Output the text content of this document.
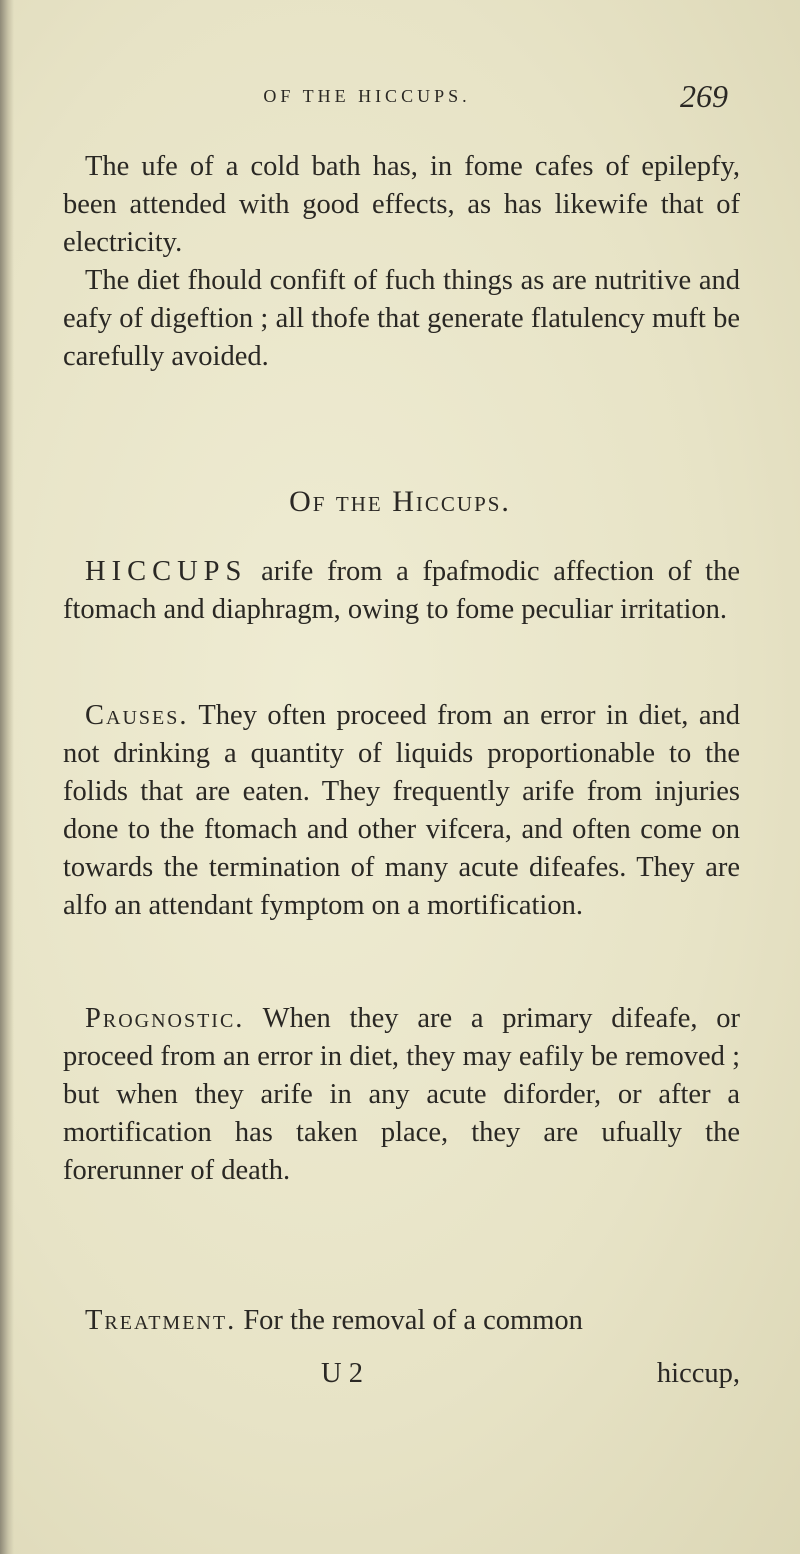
OF THE HICCUPS.	269

The ufe of a cold bath has, in fome cafes of epilepfy, been attended with good effects, as has likewife that of electricity.

The diet fhould confift of fuch things as are nutritive and eafy of digeftion ; all thofe that generate flatulency muft be carefully avoided.

Of the Hiccups.

HICCUPS arife from a fpafmodic affection of the ftomach and diaphragm, owing to fome peculiar irritation.

Causes. They often proceed from an error in diet, and not drinking a quantity of liquids proportionable to the folids that are eaten. They frequently arife from injuries done to the ftomach and other vifcera, and often come on towards the termination of many acute difeafes. They are alfo an attendant fymptom on a mortification.

Prognostic. When they are a primary difeafe, or proceed from an error in diet, they may eafily be removed ; but when they arife in any acute diforder, or after a mortification has taken place, they are ufually the forerunner of death.

Treatment. For the removal of a common

U 2	hiccup,
